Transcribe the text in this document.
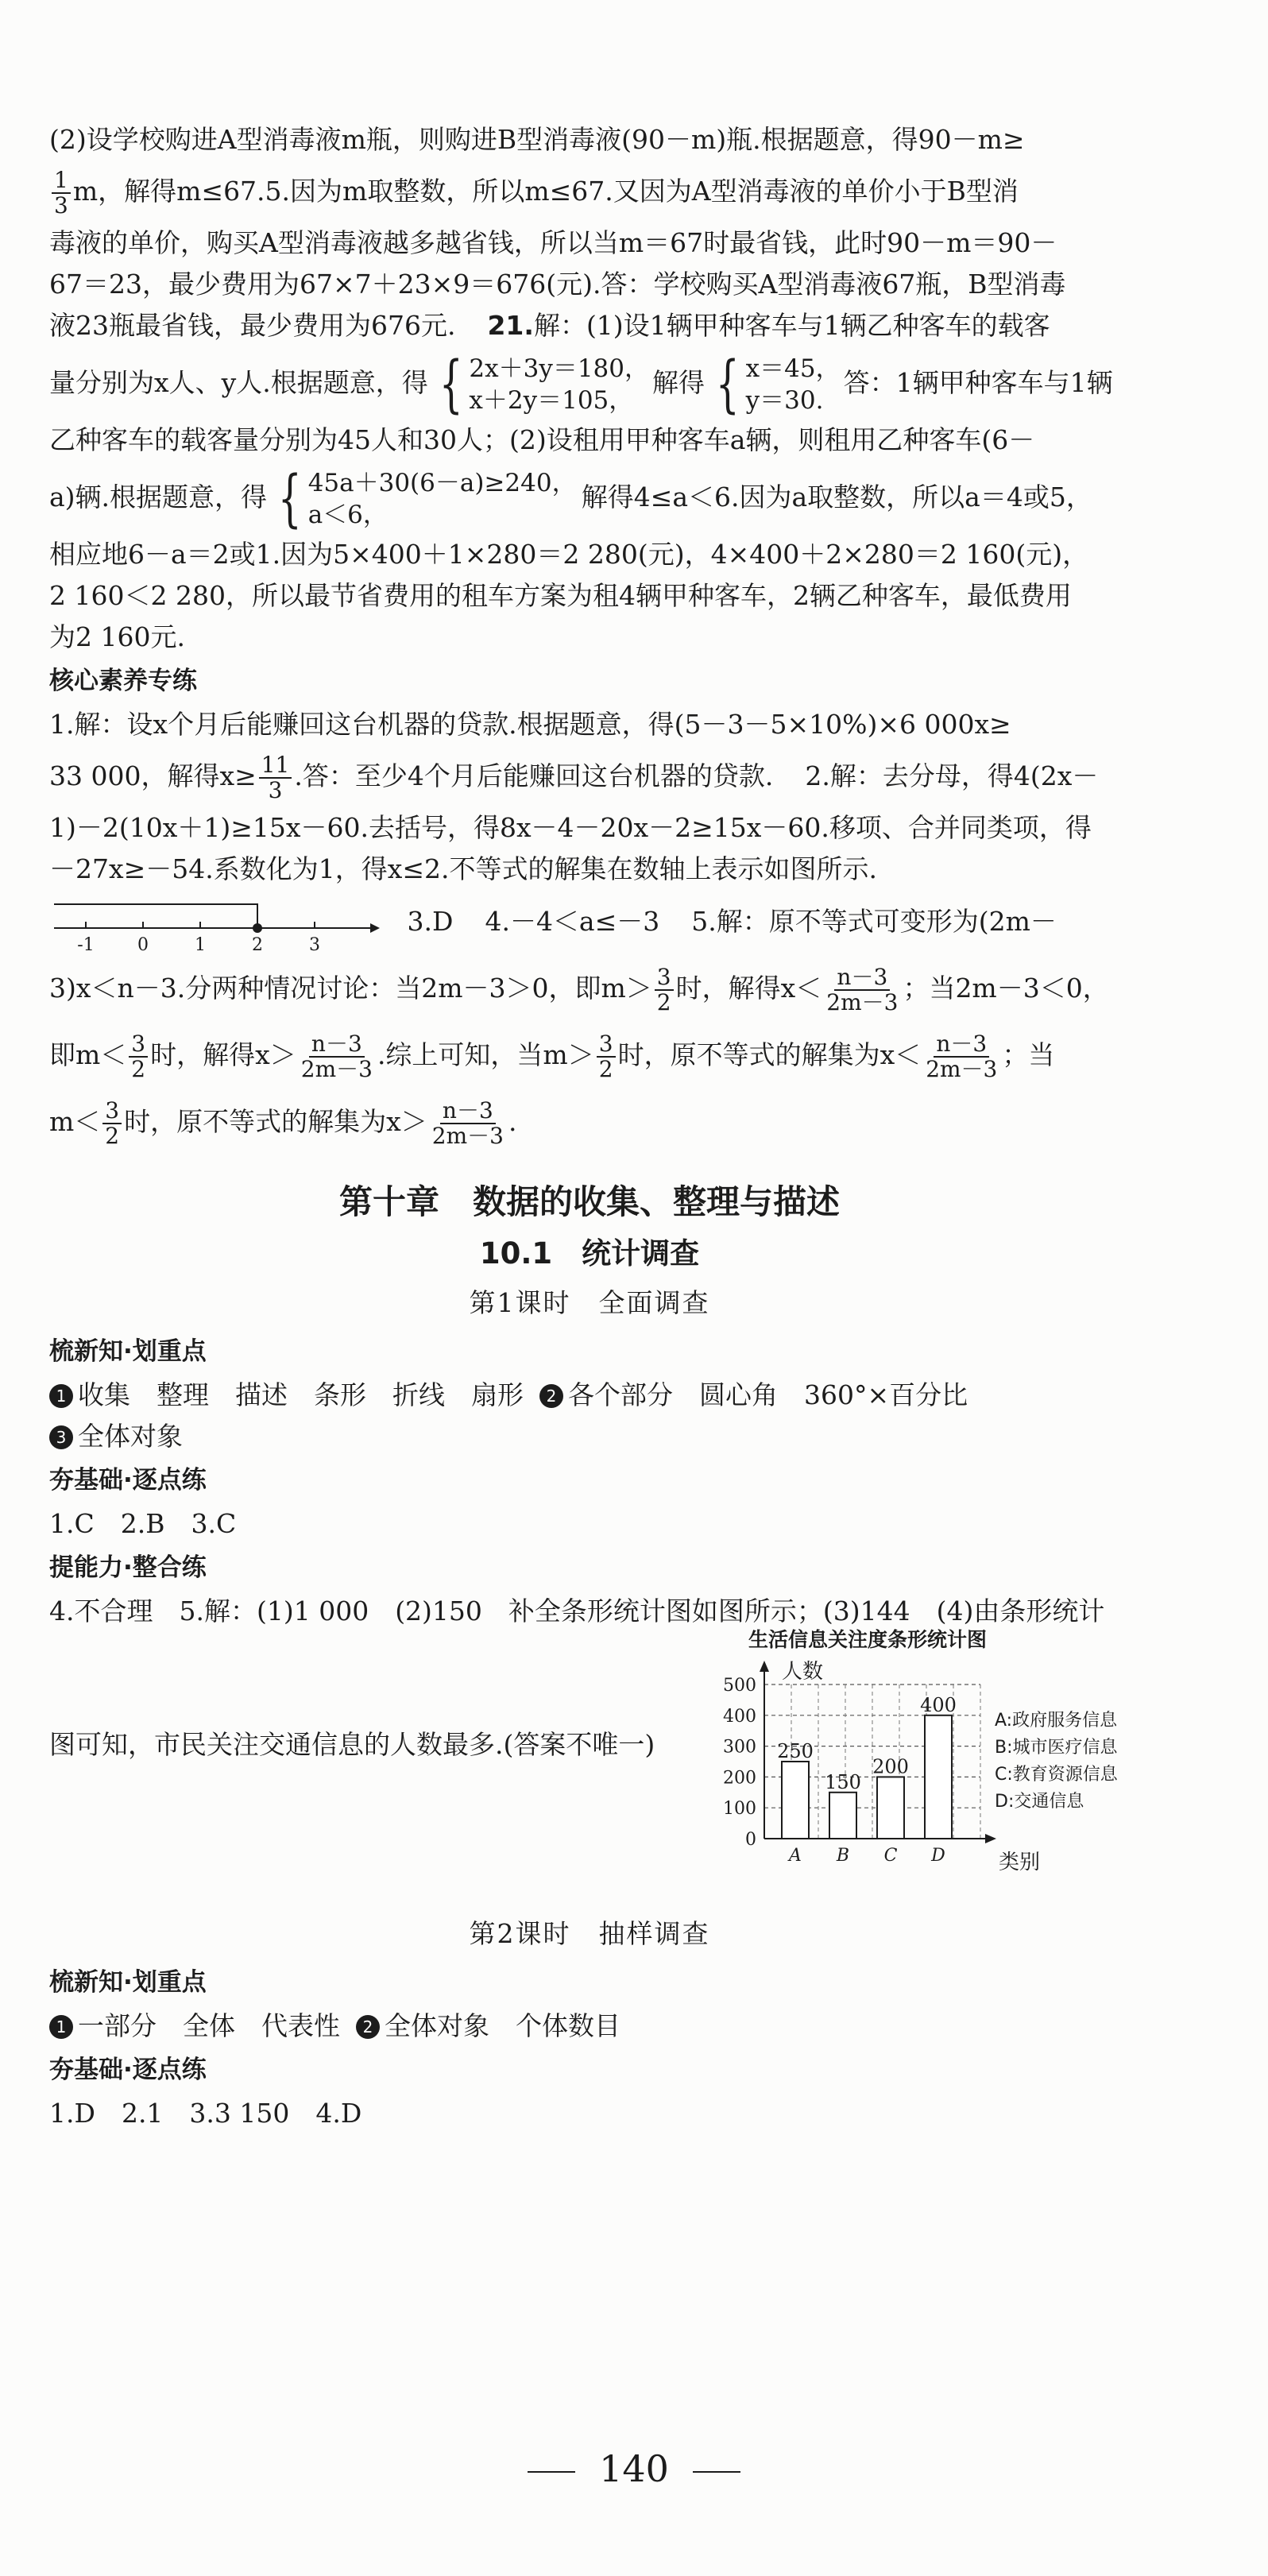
(2)设学校购进A型消毒液m瓶，则购进B型消毒液(90－m)瓶.根据题意，得90－m≥
$\frac{1}{3}$ m，解得m≤67.5.因为m取整数，所以m≤67.又因为A型消毒液的单价小于B型消
毒液的单价，购买A型消毒液越多越省钱，所以当m＝67时最省钱，此时90－m＝90－
67＝23，最少费用为67×7＋23×9＝676(元).答：学校购买A型消毒液67瓶，B型消毒
液23瓶最省钱，最少费用为676元. 21.解：(1)设1辆甲种客车与1辆乙种客车的载客
量分别为x人、y人.根据题意，得 { 2x＋3y＝180，
x＋2y＝105，
解得 { x＝45，
y＝30.
答：1辆甲种客车与1辆
乙种客车的载客量分别为45人和30人；(2)设租用甲种客车a辆，则租用乙种客车(6－
a)辆.根据题意，得 { 45a＋30(6－a)≥240，
a＜6，
解得4≤a＜6.因为a取整数，所以a＝4或5，
相应地6－a＝2或1.因为5×400＋1×280＝2 280(元)，4×400＋2×280＝2 160(元)，
2 160＜2 280，所以最节省费用的租车方案为租4辆甲种客车，2辆乙种客车，最低费用
为2 160元.
核心素养专练
1.解：设x个月后能赚回这台机器的贷款.根据题意，得(5－3－5×10%)×6 000x≥
33 000，解得$x\ge \frac{11}{3}$ .答：至少4个月后能赚回这台机器的贷款. 2.解：去分母，得4(2x－
1)－2(10x＋1)≥15x－60.去括号，得8x－4－20x－2≥15x－60.移项、合并同类项，得
－27x≥－54.系数化为1，得x≤2.不等式的解集在数轴上表示如图所示.
-1 0	1	2	3
3.D 4.－4＜a≤－3 5.解：原不等式可变形为(2m－
3)x＜n－3.分两种情况讨论：当2m－3＞0，即$m> \frac{3}{2}$ 时，解得$x< \frac{n-3}{2m-3}$ ；当2m－3＜0，
即$m< \frac{3}{2}$ 时，解得$x> \frac{n-3}{2m-3}$ .综上可知，当$m> \frac{3}{2}$ 时，原不等式的解集为$x< \frac{n-3}{2m-3}$ ；当
$m< \frac{3}{2}$ 时，原不等式的解集为$x> \frac{n-3}{2m-3}$ .
第十章　数据的收集、整理与描述
10.1　统计调查
第1课时　全面调查
梳新知·划重点
1 收集　整理　描述　条形　折线　扇形 2 各个部分　圆心角　360°×百分比
3 全体对象
夯基础·逐点练
1.C　2.B　3.C
提能力·整合练
4.不合理　5.解：(1)1 000　(2)150　补全条形统计图如图所示；(3)144　(4)由条形统计
图可知，市民关注交通信息的人数最多.(答案不唯一)
生活信息关注度条形统计图
人数
类别
250
150
200
400
0
100
200
300
400
500
A B C D
A:政府服务信息
B:城市医疗信息
C:教育资源信息
D:交通信息
第2课时　抽样调查
梳新知·划重点
1 一部分　全体　代表性 2 全体对象　个体数目
夯基础·逐点练
1.D　2.1　3.3 150　4.D
140
